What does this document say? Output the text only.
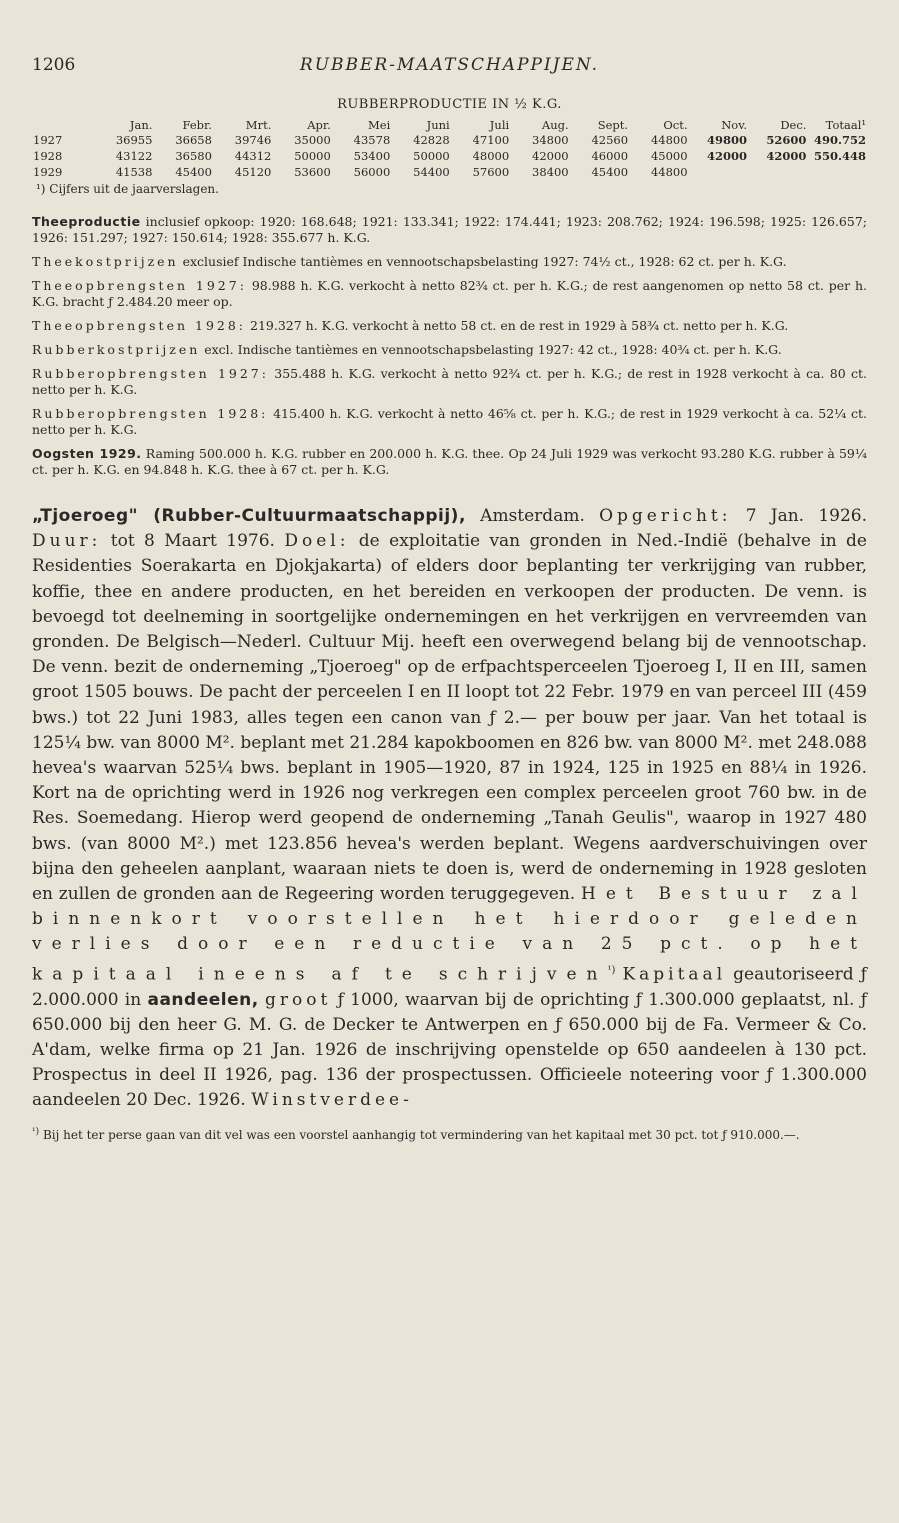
1206	RUBBER-MAATSCHAPPIJEN.
RUBBERPRODUCTIE IN ½ K.G.
	Jan.	Febr.	Mrt.	Apr.	Mei	Juni	Juli	Aug.	Sept.	Oct.	Nov.	Dec.	Totaal¹
1927	36955	36658	39746	35000	43578	42828	47100	34800	42560	44800	49800	52600	490.752
1928	43122	36580	44312	50000	53400	50000	48000	42000	46000	45000	42000	42000	550.448
1929	41538	45400	45120	53600	56000	54400	57600	38400	45400	44800			
¹) Cijfers uit de jaarverslagen.

Theeproductie inclusief opkoop: 1920: 168.648; 1921: 133.341; 1922: 174.441; 1923: 208.762; 1924: 196.598; 1925: 126.657; 1926: 151.297; 1927: 150.614; 1928: 355.677 h. K.G.

Theekostprijzen exclusief Indische tantièmes en vennootschapsbelasting 1927: 74½ ct., 1928: 62 ct. per h. K.G.

Theeopbrengsten 1927: 98.988 h. K.G. verkocht à netto 82¾ ct. per h. K.G.; de rest aangenomen op netto 58 ct. per h. K.G. bracht ƒ 2.484.20 meer op.

Theeopbrengsten 1928: 219.327 h. K.G. verkocht à netto 58 ct. en de rest in 1929 à 58¾ ct. netto per h. K.G.

Rubberkostprijzen excl. Indische tantièmes en vennootschapsbelasting 1927: 42 ct., 1928: 40¾ ct. per h. K.G.

Rubberopbrengsten 1927: 355.488 h. K.G. verkocht à netto 92¾ ct. per h. K.G.; de rest in 1928 verkocht à ca. 80 ct. netto per h. K.G.

Rubberopbrengsten 1928: 415.400 h. K.G. verkocht à netto 46⅝ ct. per h. K.G.; de rest in 1929 verkocht à ca. 52¼ ct. netto per h. K.G.

Oogsten 1929. Raming 500.000 h. K.G. rubber en 200.000 h. K.G. thee. Op 24 Juli 1929 was verkocht 93.280 K.G. rubber à 59¼ ct. per h. K.G. en 94.848 h. K.G. thee à 67 ct. per h. K.G.

„Tjoeroeg" (Rubber-Cultuurmaatschappij), Amsterdam. Opgericht: 7 Jan. 1926. Duur: tot 8 Maart 1976. Doel: de exploitatie van gronden in Ned.-Indië (behalve in de Residenties Soerakarta en Djokjakarta) of elders door beplanting ter verkrijging van rubber, koffie, thee en andere producten, en het bereiden en verkoopen der producten. De venn. is bevoegd tot deelneming in soortgelijke ondernemingen en het verkrijgen en vervreemden van gronden. De Belgisch—Nederl. Cultuur Mij. heeft een overwegend belang bij de vennootschap. De venn. bezit de onderneming „Tjoeroeg" op de erfpachtsperceelen Tjoeroeg I, II en III, samen groot 1505 bouws. De pacht der perceelen I en II loopt tot 22 Febr. 1979 en van perceel III (459 bws.) tot 22 Juni 1983, alles tegen een canon van ƒ 2.— per bouw per jaar. Van het totaal is 125¼ bw. van 8000 M². beplant met 21.284 kapokboomen en 826 bw. van 8000 M². met 248.088 hevea's waarvan 525¼ bws. beplant in 1905—1920, 87 in 1924, 125 in 1925 en 88¼ in 1926. Kort na de oprichting werd in 1926 nog verkregen een complex perceelen groot 760 bw. in de Res. Soemedang. Hierop werd geopend de onderneming „Tanah Geulis", waarop in 1927 480 bws. (van 8000 M².) met 123.856 hevea's werden beplant. Wegens aardverschuivingen over bijna den geheelen aanplant, waaraan niets te doen is, werd de onderneming in 1928 gesloten en zullen de gronden aan de Regeering worden teruggegeven. Het Bestuur zal binnenkort voorstellen het hierdoor geleden verlies door een reductie van 25 pct. op het kapitaal ineens af te schrijven$^{^1)}$ Kapitaal geautoriseerd ƒ 2.000.000 in aandeelen, groot ƒ 1000, waarvan bij de oprichting ƒ 1.300.000 geplaatst, nl. ƒ 650.000 bij den heer G. M. G. de Decker te Antwerpen en ƒ 650.000 bij de Fa. Vermeer & Co. A'dam, welke firma op 21 Jan. 1926 de inschrijving openstelde op 650 aandeelen à 130 pct. Prospectus in deel II 1926, pag. 136 der prospectussen. Officieele notеering voor ƒ 1.300.000 aandeelen 20 Dec. 1926. Winstverdee-
$^{^1)}$ Bij het ter perse gaan van dit vel was een voorstel aanhangig tot vermindering van het kapitaal met 30 pct. tot ƒ 910.000.—.
